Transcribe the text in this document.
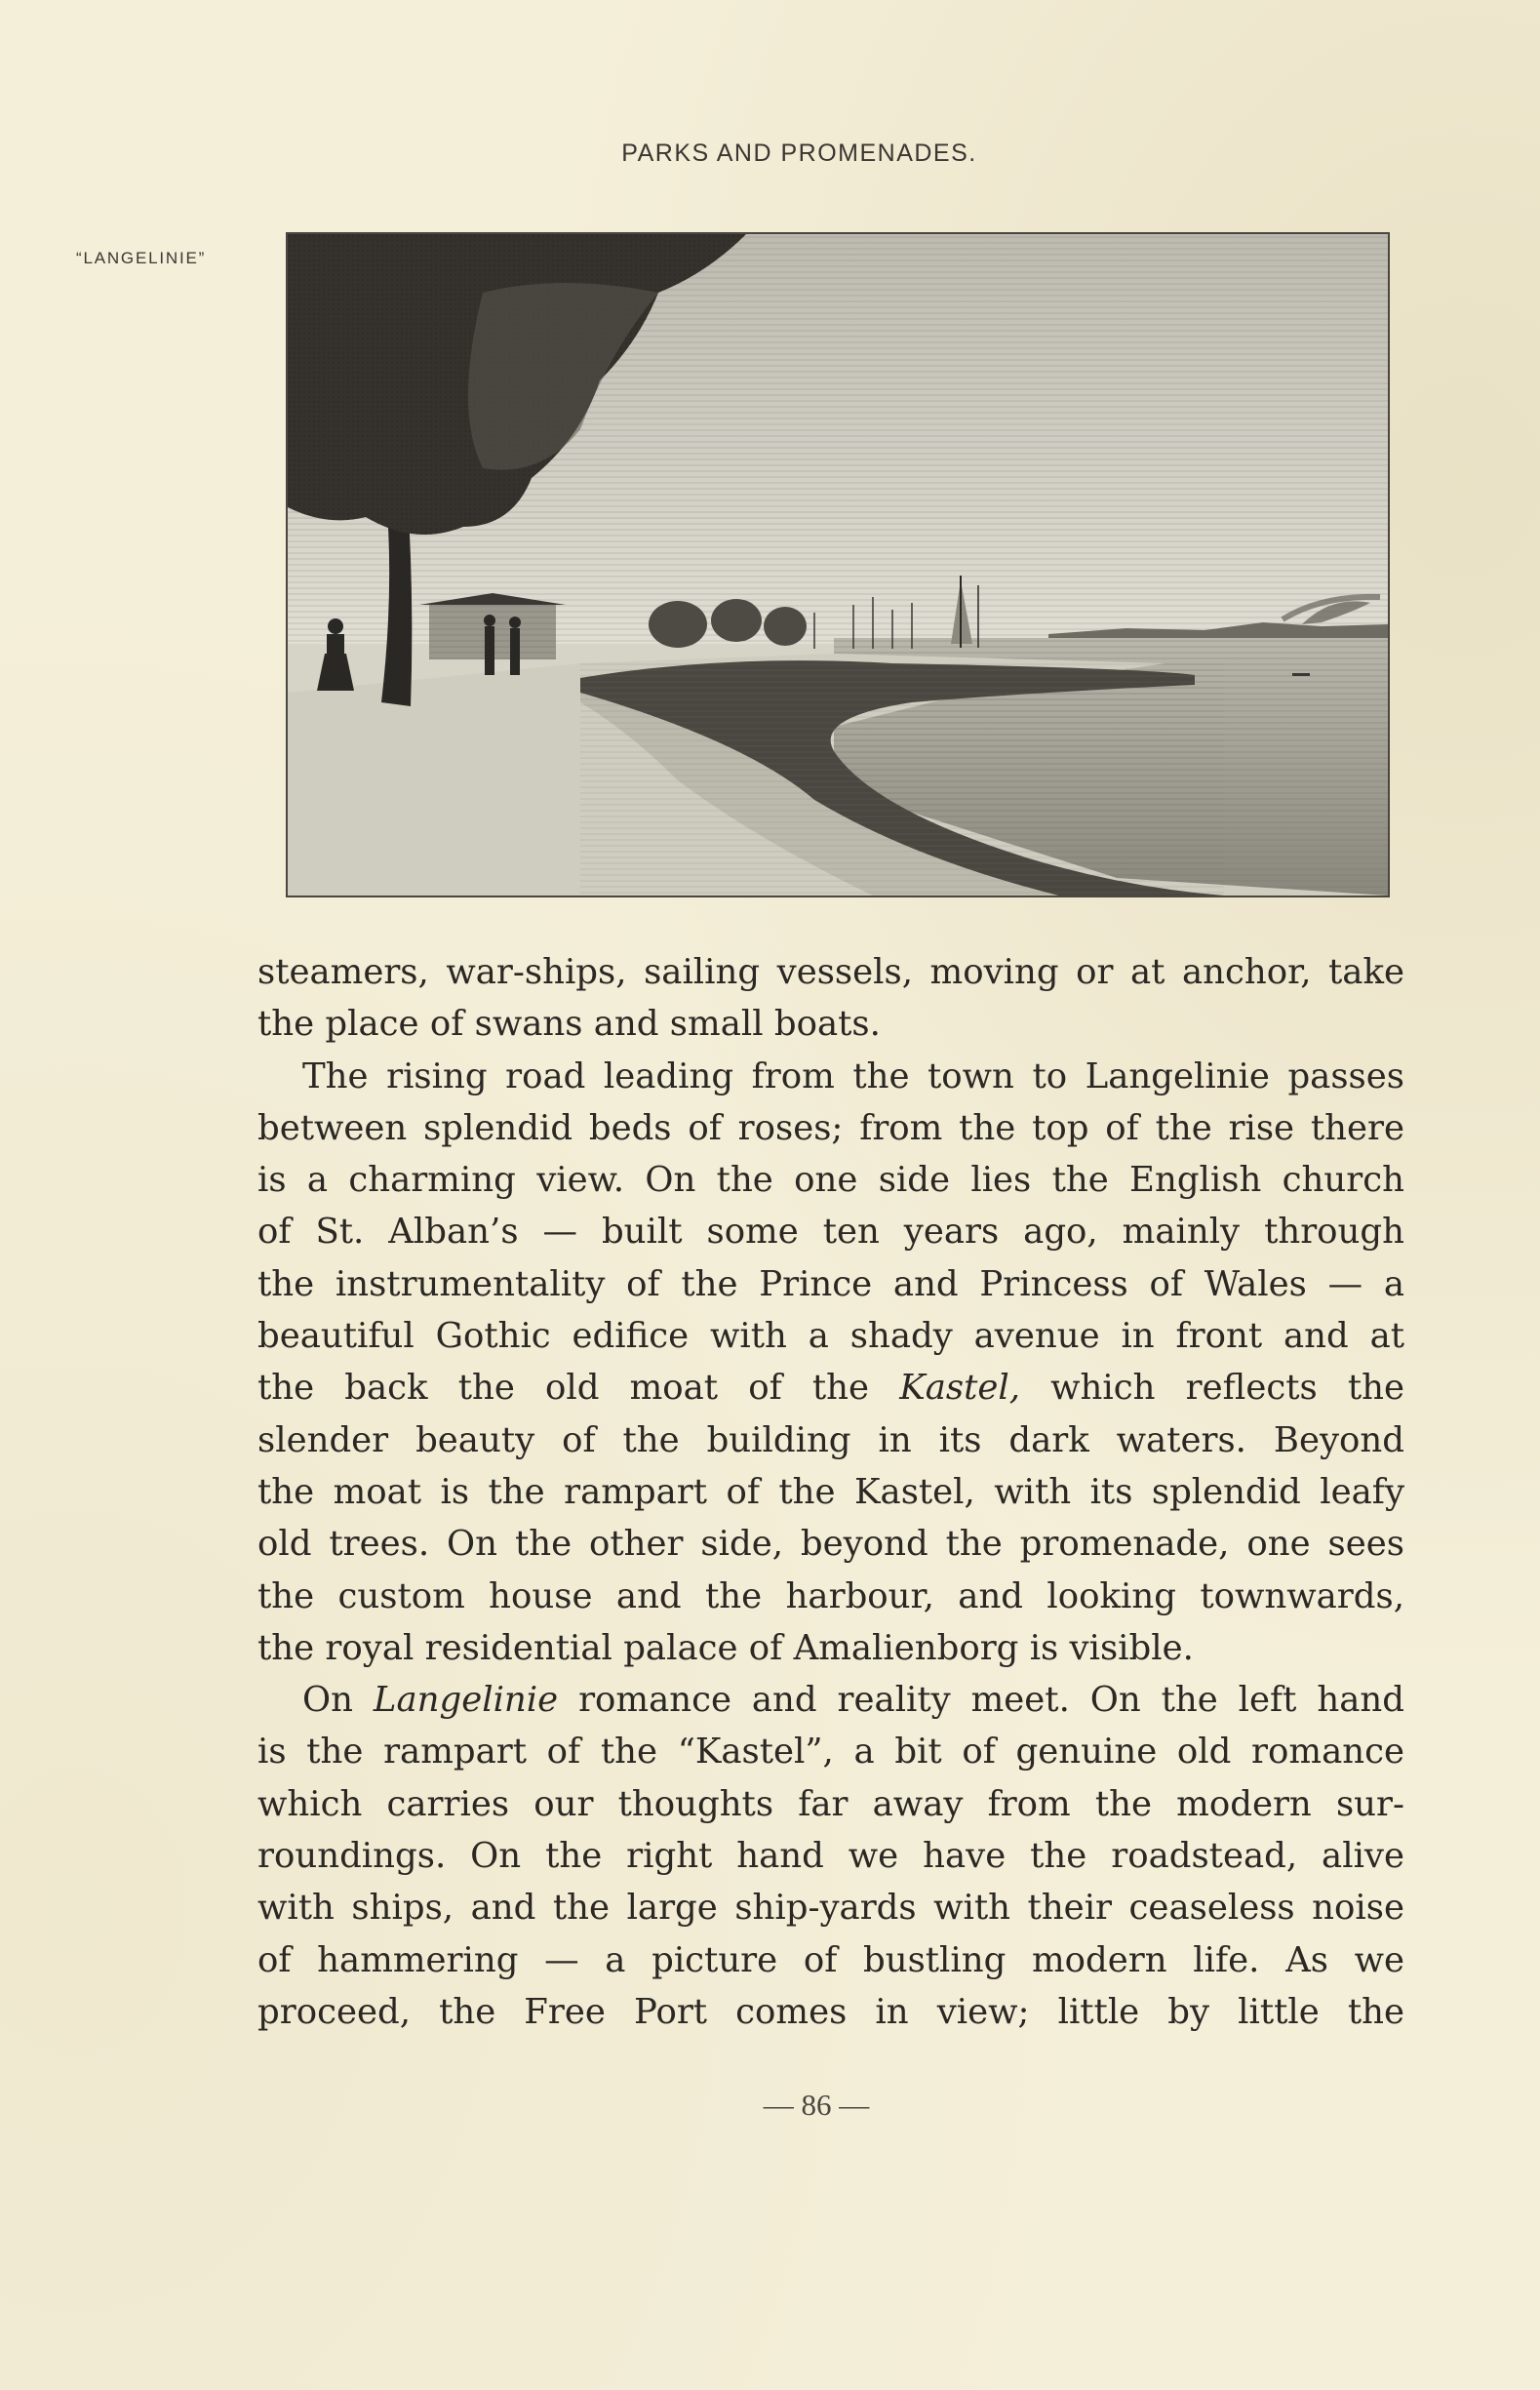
PARKS AND PROMENADES.
“LANGELINIE”
steamers, war-ships, sailing vessels, moving or at anchor, take
the place of swans and small boats.
The rising road leading from the town to Langelinie passes
between splendid beds of roses; from the top of the rise there
is a charming view. On the one side lies the English church
of St. Alban’s — built some ten years ago, mainly through
the instrumentality of the Prince and Princess of Wales — a
beautiful Gothic edifice with a shady avenue in front and at
the back the old moat of the Kastel, which reflects the
slender beauty of the building in its dark waters. Beyond
the moat is the rampart of the Kastel, with its splendid leafy
old trees. On the other side, beyond the promenade, one sees
the custom house and the harbour, and looking townwards,
the royal residential palace of Amalienborg is visible.
On Langelinie romance and reality meet. On the left hand
is the rampart of the “Kastel”, a bit of genuine old romance
which carries our thoughts far away from the modern sur-
roundings. On the right hand we have the roadstead, alive
with ships, and the large ship-yards with their ceaseless noise
of hammering — a picture of bustling modern life. As we
proceed, the Free Port comes in view; little by little the
— 86 —
